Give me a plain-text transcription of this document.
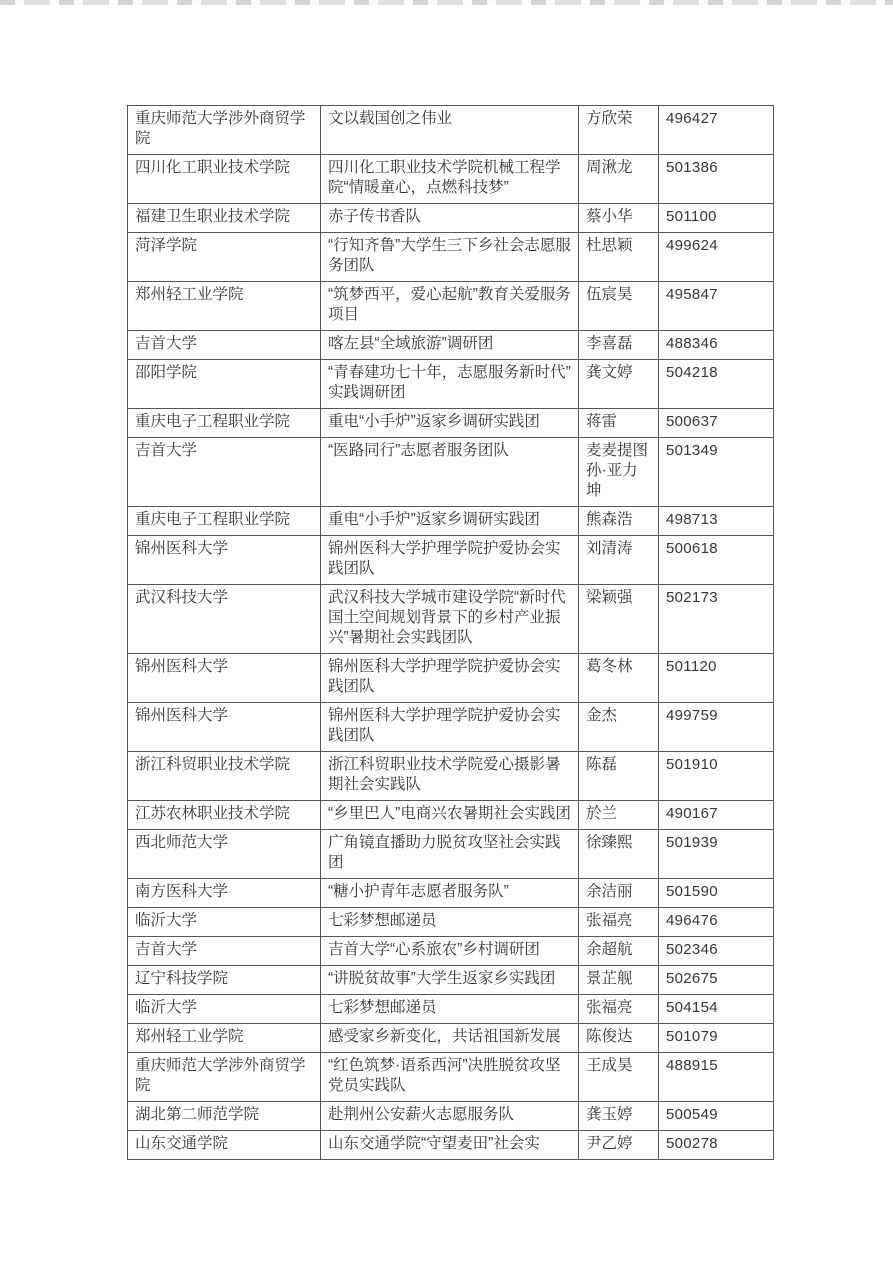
重庆师范大学涉外商贸学院	文以载国创之伟业	方欣荣	496427
四川化工职业技术学院	四川化工职业技术学院机械工程学院“情暖童心，点燃科技梦”	周湫龙	501386
福建卫生职业技术学院	赤子传书香队	蔡小华	501100
菏泽学院	“行知齐鲁”大学生三下乡社会志愿服务团队	杜思颖	499624
郑州轻工业学院	“筑梦西平，爱心起航”教育关爱服务项目	伍宸昊	495847
吉首大学	喀左县“全域旅游”调研团	李喜磊	488346
邵阳学院	“青春建功七十年，志愿服务新时代”实践调研团	龚文婷	504218
重庆电子工程职业学院	重电“小手炉”返家乡调研实践团	蒋雷	500637
吉首大学	“医路同行”志愿者服务团队	麦麦提图孙·亚力坤	501349
重庆电子工程职业学院	重电“小手炉”返家乡调研实践团	熊森浩	498713
锦州医科大学	锦州医科大学护理学院护爱协会实践团队	刘清涛	500618
武汉科技大学	武汉科技大学城市建设学院“新时代国土空间规划背景下的乡村产业振兴”暑期社会实践团队	梁颖强	502173
锦州医科大学	锦州医科大学护理学院护爱协会实践团队	葛冬林	501120
锦州医科大学	锦州医科大学护理学院护爱协会实践团队	金杰	499759
浙江科贸职业技术学院	浙江科贸职业技术学院爱心摄影暑期社会实践队	陈磊	501910
江苏农林职业技术学院	“乡里巴人”电商兴农暑期社会实践团	於兰	490167
西北师范大学	广角镜直播助力脱贫攻坚社会实践团	徐臻熙	501939
南方医科大学	“糖小护青年志愿者服务队”	余洁丽	501590
临沂大学	七彩梦想邮递员	张福亮	496476
吉首大学	吉首大学“心系旅农”乡村调研团	余超航	502346
辽宁科技学院	“讲脱贫故事”大学生返家乡实践团	景芷舰	502675
临沂大学	七彩梦想邮递员	张福亮	504154
郑州轻工业学院	感受家乡新变化，共话祖国新发展	陈俊达	501079
重庆师范大学涉外商贸学院	“红色筑梦·语系西河”决胜脱贫攻坚党员实践队	王成昊	488915
湖北第二师范学院	赴荆州公安薪火志愿服务队	龚玉婷	500549
山东交通学院	山东交通学院“守望麦田”社会实	尹乙婷	500278
